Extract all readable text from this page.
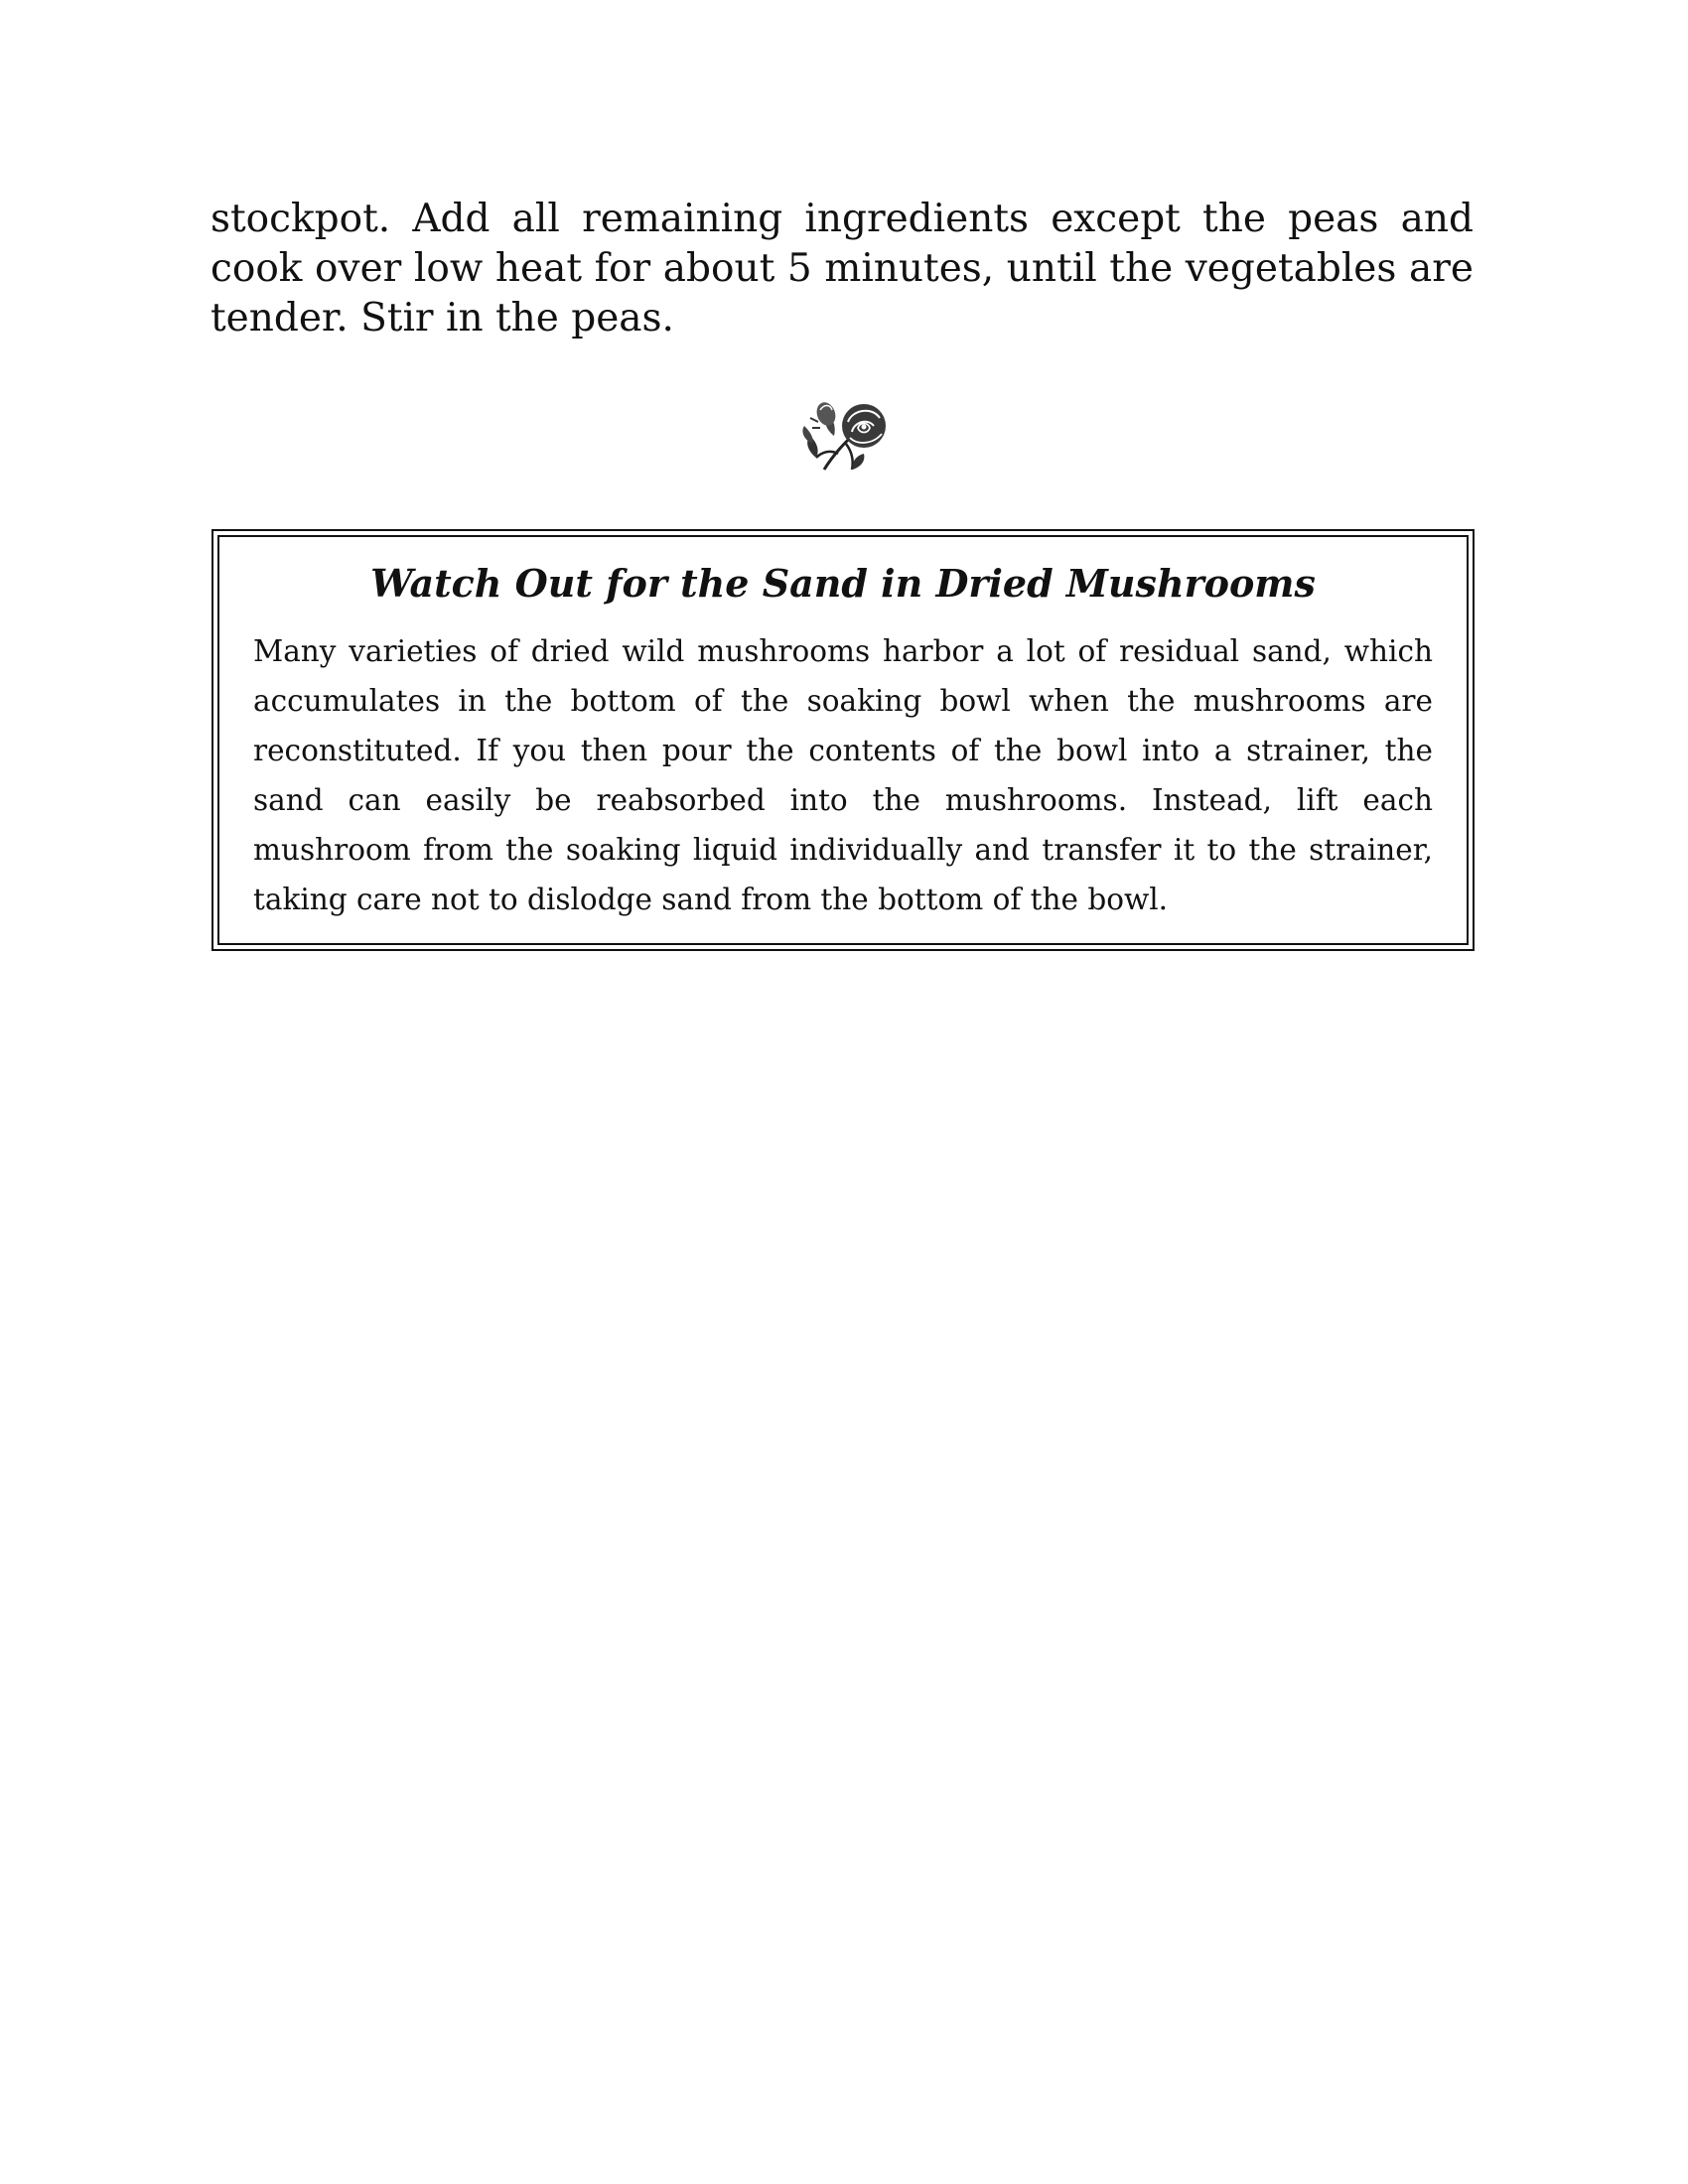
stockpot. Add all remaining ingredients except the peas and cook over low heat for about 5 minutes, until the vegetables are tender. Stir in the peas.

Watch Out for the Sand in Dried Mushrooms

Many varieties of dried wild mushrooms harbor a lot of residual sand, which accumulates in the bottom of the soaking bowl when the mushrooms are reconstituted. If you then pour the contents of the bowl into a strainer, the sand can easily be reabsorbed into the mushrooms. Instead, lift each mushroom from the soaking liquid individually and transfer it to the strainer, taking care not to dislodge sand from the bottom of the bowl.
